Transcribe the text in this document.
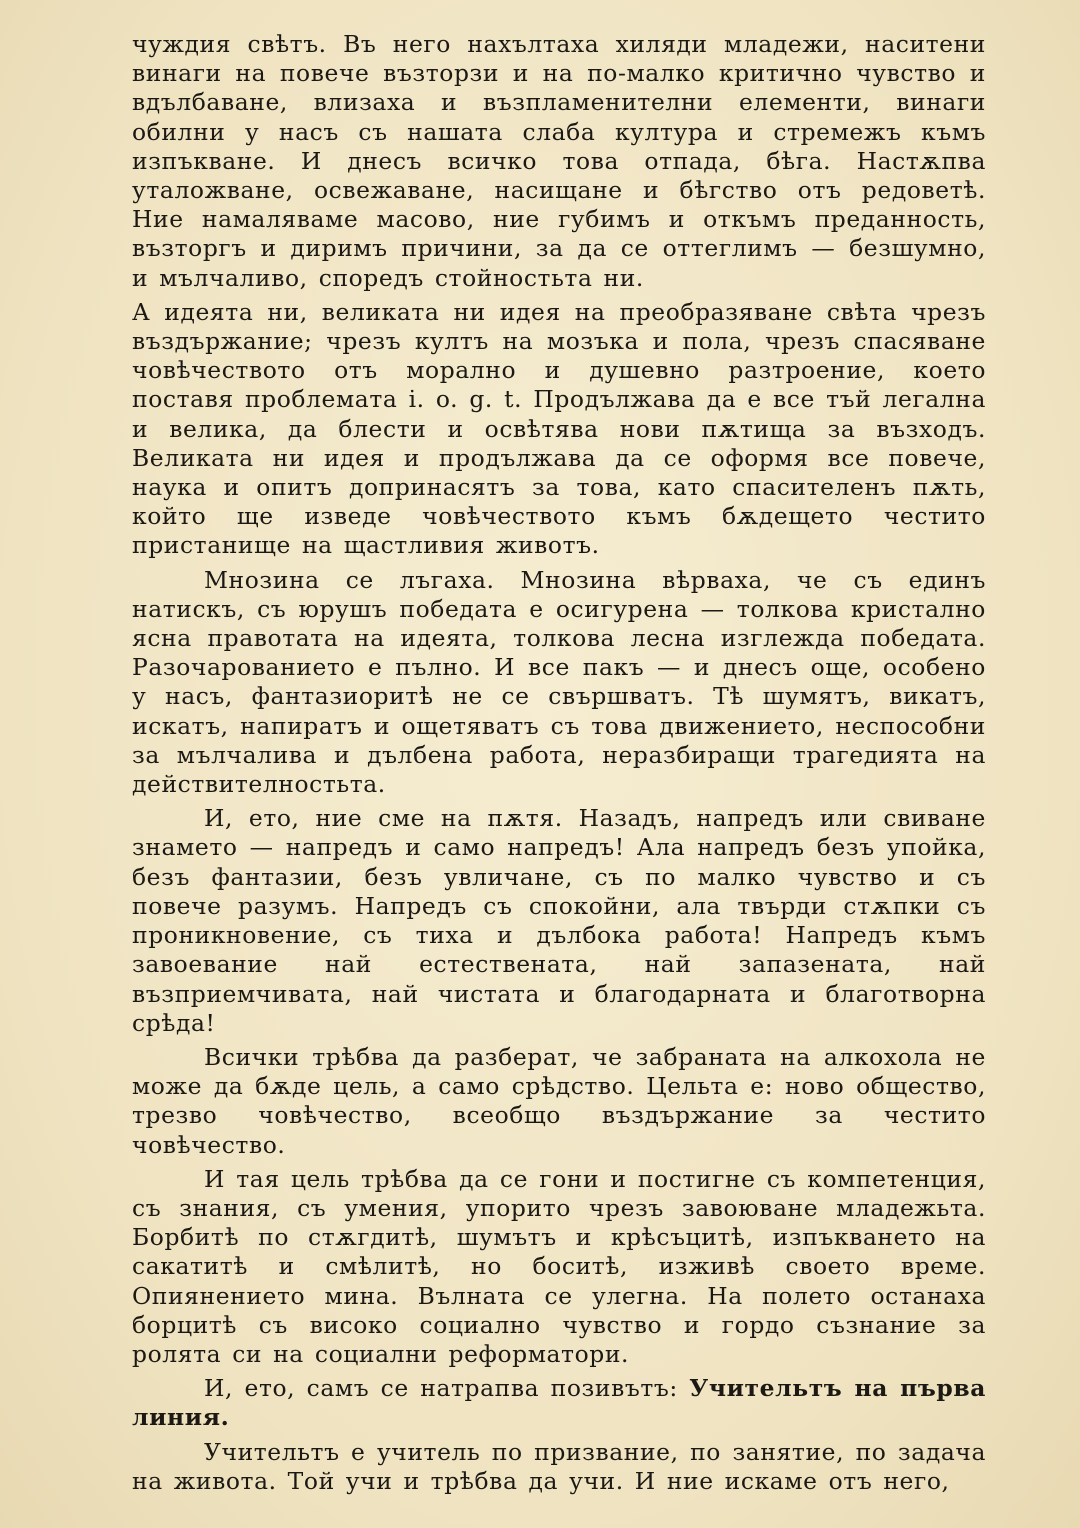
чуждия свѣтъ. Въ него нахълтаха хиляди младежи, наситени винаги на повече възторзи и на по-малко критично чувство и вдълбаване, влизаха и възпламенителни елементи, винаги обилни у насъ съ нашата слаба култура и стремежъ къмъ изпъкване. И днесъ всичко това отпада, бѣга. Настѫпва уталожване, освежаване, насищане и бѣгство отъ редоветѣ. Ние намаляваме масово, ние губимъ и откъмъ преданность, възторгъ и диримъ причини, за да се оттеглимъ — безшумно, и мълчаливо, споредъ стойностьта ни.

А идеята ни, великата ни идея на преобразяване свѣта чрезъ въздържание; чрезъ култъ на мозъка и пола, чрезъ спасяване човѣчеството отъ морално и душевно разтроение, което поставя проблемата i. o. g. t. Продължава да е все тъй легална и велика, да блести и освѣтява нови пѫтища за възходъ. Великата ни идея и продължава да се оформя все повече, наука и опитъ допринасятъ за това, като спасителенъ пѫть, който ще изведе човѣчеството къмъ бѫдещето честито пристанище на щастливия животъ.

Мнозина се лъгаха. Мнозина вѣрваха, че съ единъ натискъ, съ юрушъ победата е осигурена — толкова кристално ясна правотата на идеята, толкова лесна изглежда победата. Разочарованието е пълно. И все пакъ — и днесъ още, особено у насъ, фантазиоритѣ не се свършватъ. Тѣ шумятъ, викатъ, искатъ, напиратъ и ощетяватъ съ това движението, неспособни за мълчалива и дълбена работа, неразбиращи трагедията на действителностьта.

И, ето, ние сме на пѫтя. Назадъ, напредъ или свиване знамето — напредъ и само напредъ! Ала напредъ безъ упойка, безъ фантазии, безъ увличане, съ по малко чувство и съ повече разумъ. Напредъ съ спокойни, ала твърди стѫпки съ проникновение, съ тиха и дълбока работа! Напредъ къмъ завоевание най естествената, най запазената, най възприемчивата, най чистата и благодарната и благотворна срѣда!

Всички трѣбва да разберат, че забраната на алкохола не може да бѫде цель, а само срѣдство. Цельта е: ново общество, трезво човѣчество, всеобщо въздържание за честито човѣчество.

И тая цель трѣбва да се гони и постигне съ компетенция, съ знания, съ умения, упорито чрезъ завоюване младежьта. Борбитѣ по стѫгдитѣ, шумътъ и крѣсъцитѣ, изпъкването на сакатитѣ и смѣлитѣ, но боситѣ, изживѣ своето време. Опиянението мина. Вълната се улегна. На полето останаха борцитѣ съ високо социално чувство и гордо съзнание за ролята си на социални реформатори.

И, ето, самъ се натрапва позивътъ: Учительтъ на първа линия.

Учительтъ е учитель по призвание, по занятие, по задача на живота. Той учи и трѣбва да учи. И ние искаме отъ него,
